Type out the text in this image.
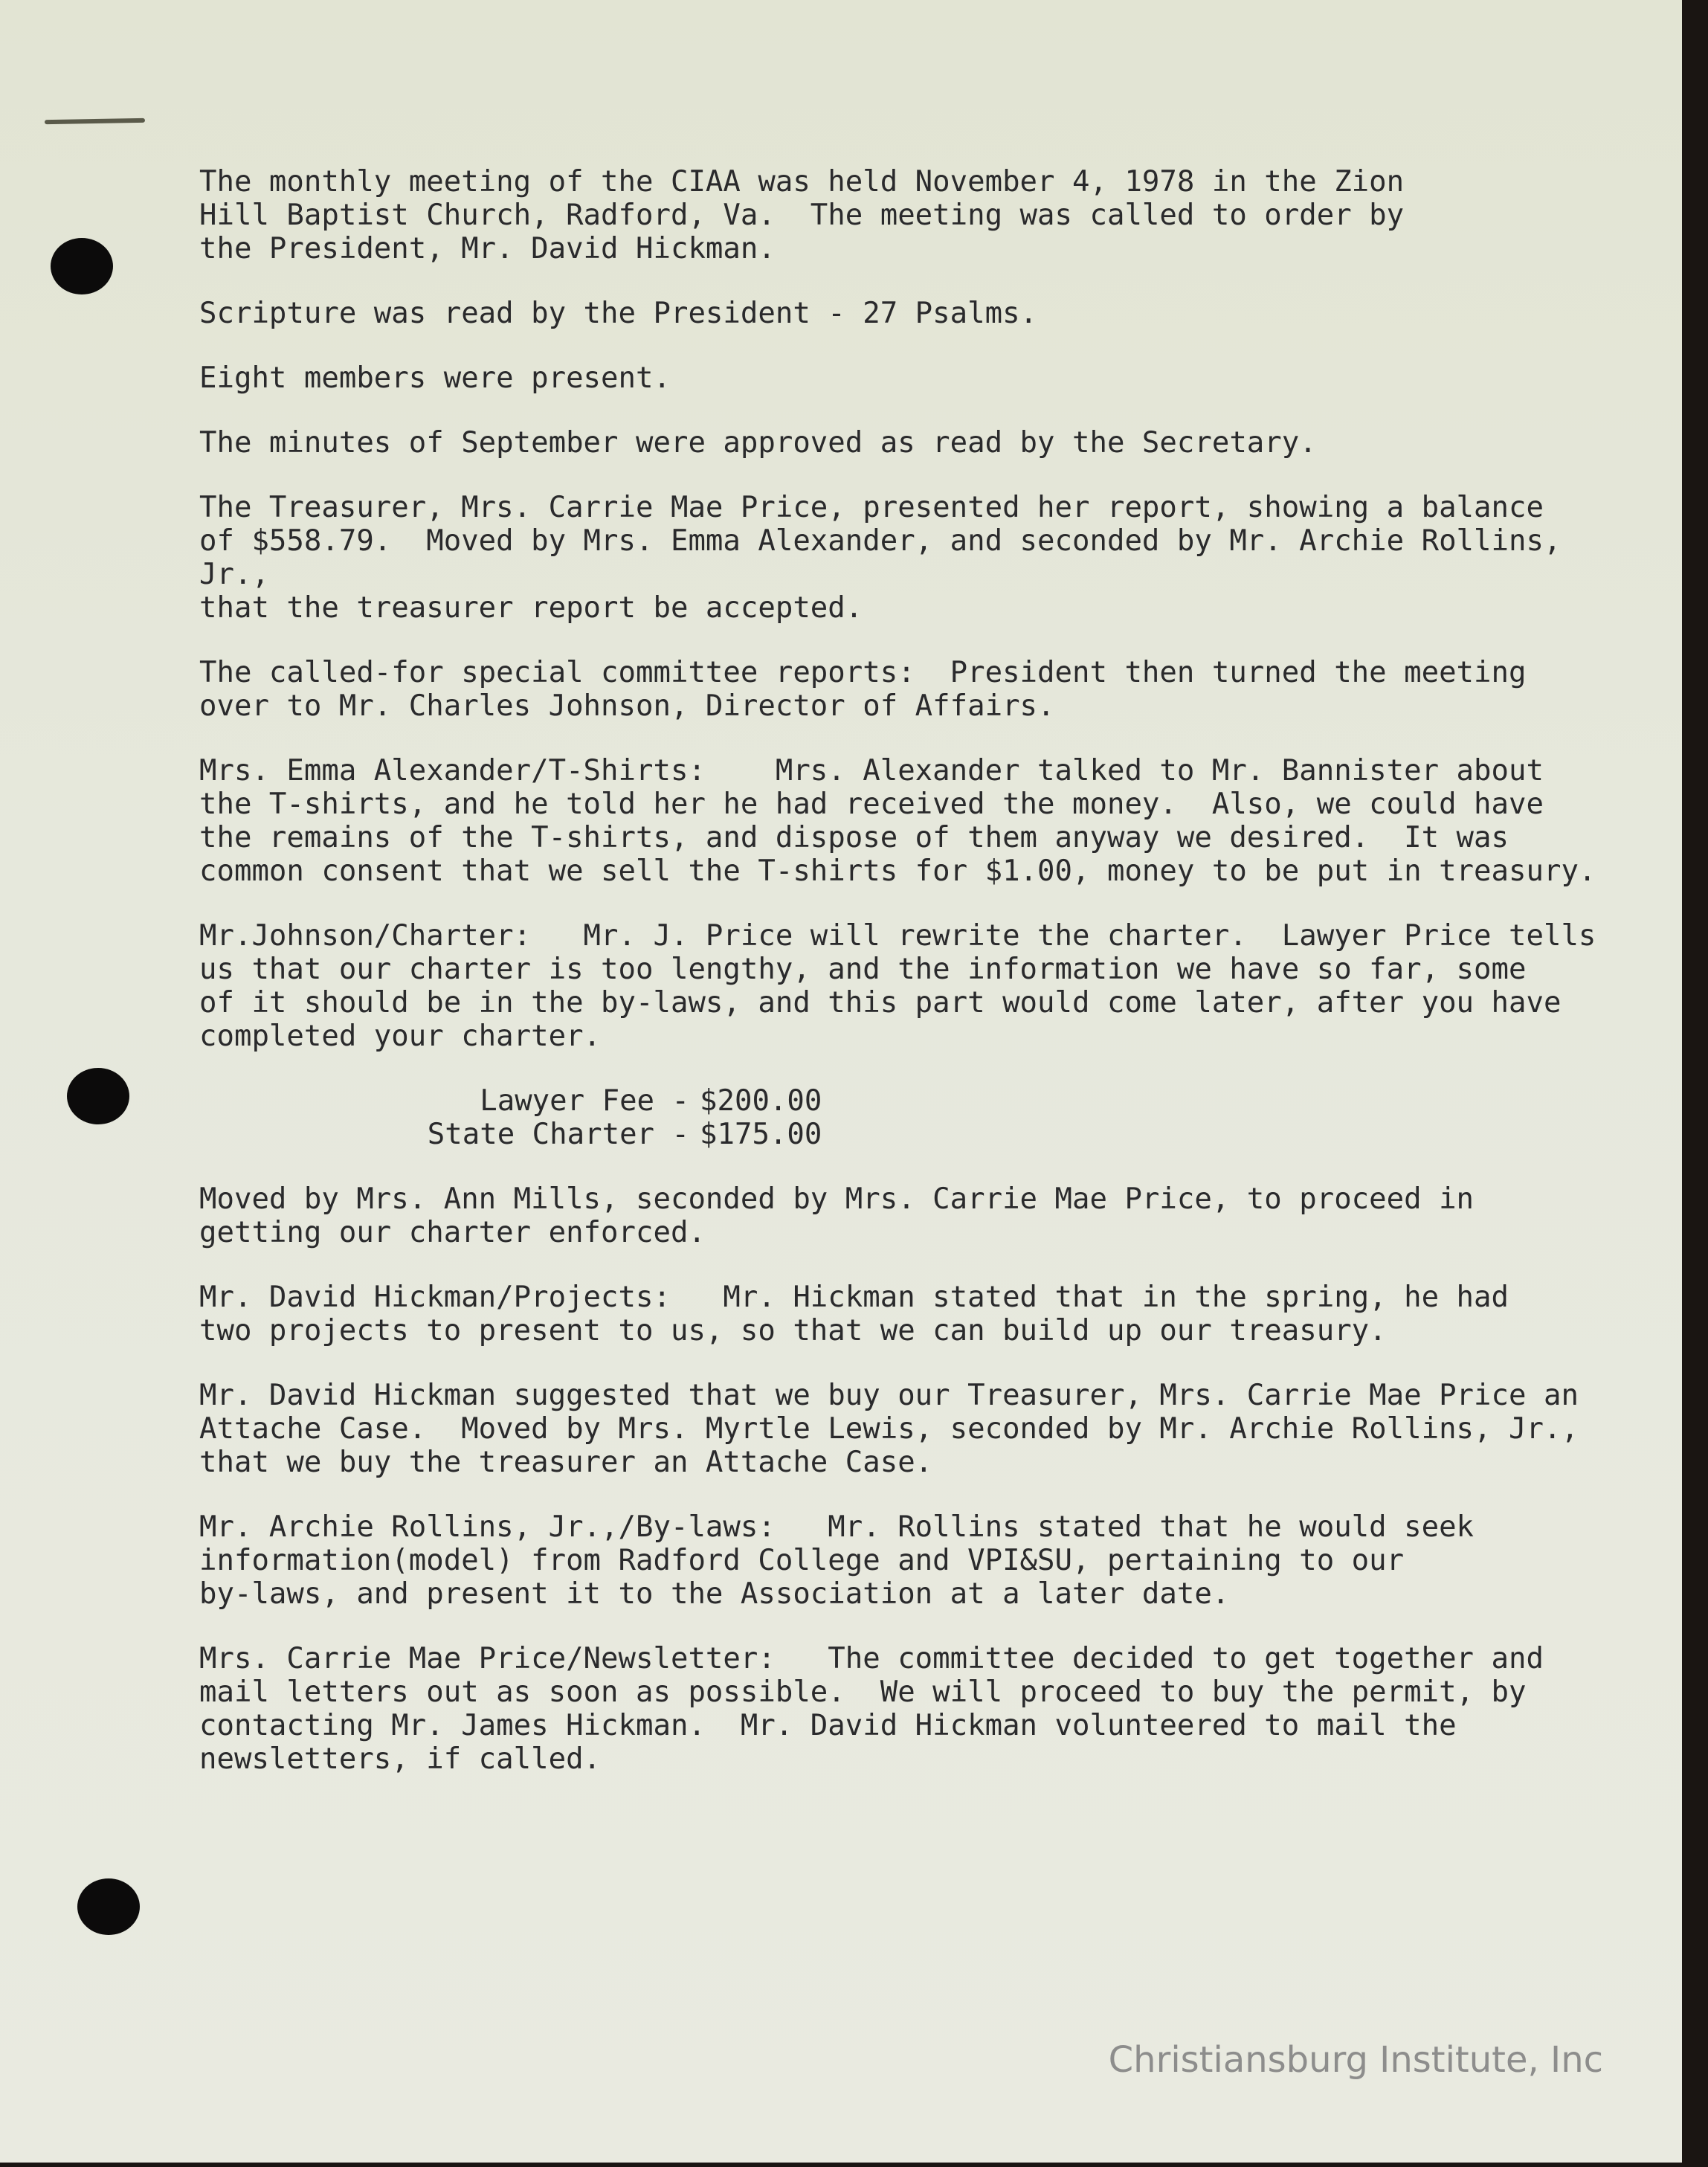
The monthly meeting of the CIAA was held November 4, 1978 in the Zion
Hill Baptist Church, Radford, Va.  The meeting was called to order by
the President, Mr. David Hickman.

Scripture was read by the President - 27 Psalms.

Eight members were present.

The minutes of September were approved as read by the Secretary.

The Treasurer, Mrs. Carrie Mae Price, presented her report, showing a balance
of $558.79.  Moved by Mrs. Emma Alexander, and seconded by Mr. Archie Rollins, Jr.,
that the treasurer report be accepted.

The called-for special committee reports:  President then turned the meeting
over to Mr. Charles Johnson, Director of Affairs.

Mrs. Emma Alexander/T-Shirts:    Mrs. Alexander talked to Mr. Bannister about
the T-shirts, and he told her he had received the money.  Also, we could have
the remains of the T-shirts, and dispose of them anyway we desired.  It was
common consent that we sell the T-shirts for $1.00, money to be put in treasury.

Mr.Johnson/Charter:   Mr. J. Price will rewrite the charter.  Lawyer Price tells
us that our charter is too lengthy, and the information we have so far, some
of it should be in the by-laws, and this part would come later, after you have
completed your charter.

Lawyer Fee - $200.00
State Charter - $175.00

Moved by Mrs. Ann Mills, seconded by Mrs. Carrie Mae Price, to proceed in
getting our charter enforced.

Mr. David Hickman/Projects:   Mr. Hickman stated that in the spring, he had
two projects to present to us, so that we can build up our treasury.

Mr. David Hickman suggested that we buy our Treasurer, Mrs. Carrie Mae Price an
Attache Case.  Moved by Mrs. Myrtle Lewis, seconded by Mr. Archie Rollins, Jr.,
that we buy the treasurer an Attache Case.

Mr. Archie Rollins, Jr.,/By-laws:   Mr. Rollins stated that he would seek
information(model) from Radford College and VPI&SU, pertaining to our
by-laws, and present it to the Association at a later date.

Mrs. Carrie Mae Price/Newsletter:   The committee decided to get together and
mail letters out as soon as possible.  We will proceed to buy the permit, by
contacting Mr. James Hickman.  Mr. David Hickman volunteered to mail the
newsletters, if called.

Christiansburg Institute, Inc
